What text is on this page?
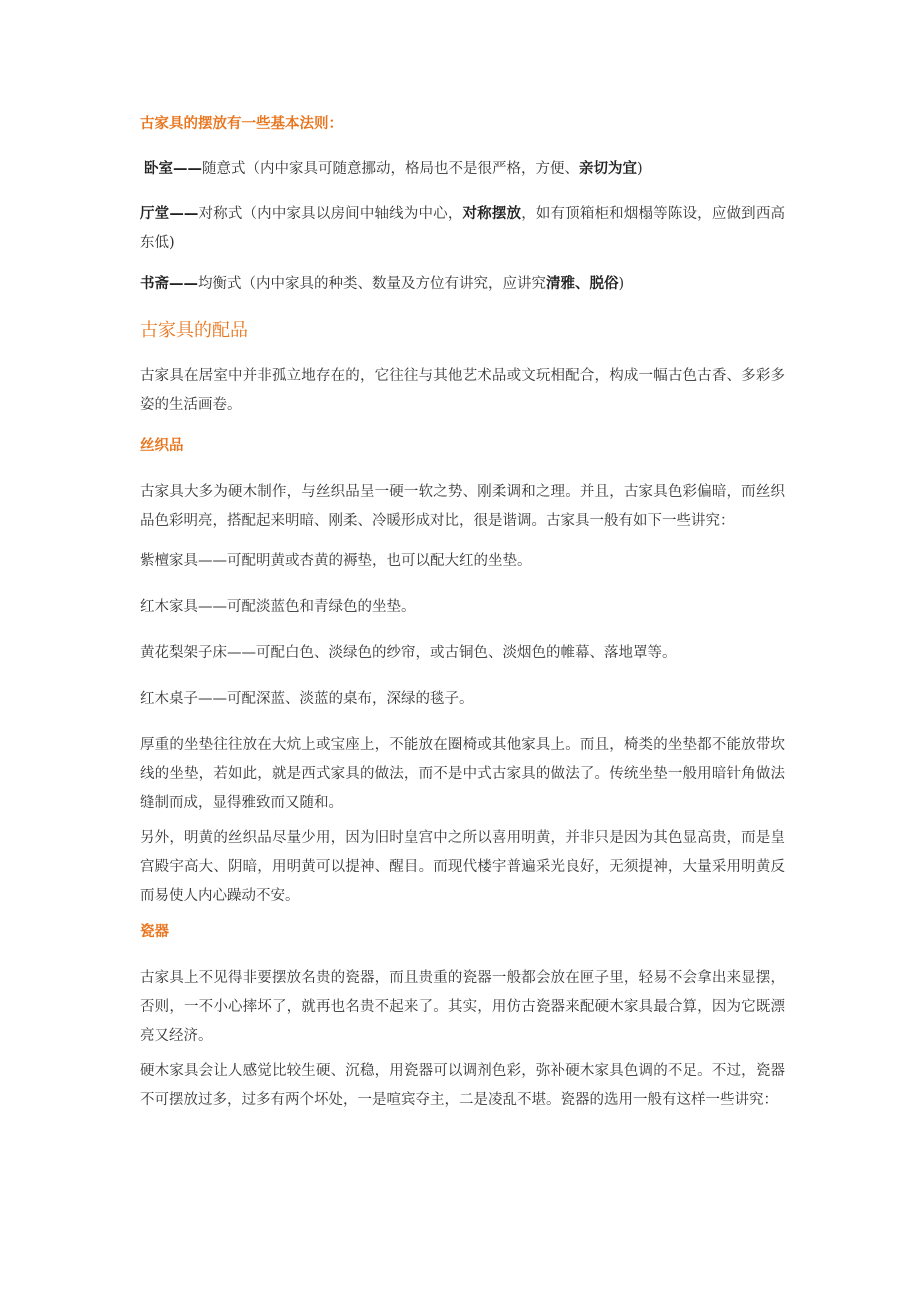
古家具的摆放有一些基本法则：

卧室——随意式（内中家具可随意挪动，格局也不是很严格，方便、亲切为宜)

厅堂——对称式（内中家具以房间中轴线为中心，对称摆放，如有顶箱柜和烟榻等陈设，应做到西高东低)

书斋——均衡式（内中家具的种类、数量及方位有讲究，应讲究清雅、脱俗)

古家具的配品

古家具在居室中并非孤立地存在的，它往往与其他艺术品或文玩相配合，构成一幅古色古香、多彩多姿的生活画卷。

丝织品

古家具大多为硬木制作，与丝织品呈一硬一软之势、刚柔调和之理。并且，古家具色彩偏暗，而丝织品色彩明亮，搭配起来明暗、刚柔、冷暖形成对比，很是谐调。古家具一般有如下一些讲究：

紫檀家具——可配明黄或杏黄的褥垫，也可以配大红的坐垫。

红木家具——可配淡蓝色和青绿色的坐垫。

黄花梨架子床——可配白色、淡绿色的纱帘，或古铜色、淡烟色的帷幕、落地罩等。

红木桌子——可配深蓝、淡蓝的桌布，深绿的毯子。

厚重的坐垫往往放在大炕上或宝座上，不能放在圈椅或其他家具上。而且，椅类的坐垫都不能放带坎线的坐垫，若如此，就是西式家具的做法，而不是中式古家具的做法了。传统坐垫一般用暗针角做法缝制而成，显得雅致而又随和。

另外，明黄的丝织品尽量少用，因为旧时皇宫中之所以喜用明黄，并非只是因为其色显高贵，而是皇宫殿宇高大、阴暗，用明黄可以提神、醒目。而现代楼宇普遍采光良好，无须提神，大量采用明黄反而易使人内心躁动不安。

瓷器

古家具上不见得非要摆放名贵的瓷器，而且贵重的瓷器一般都会放在匣子里，轻易不会拿出来显摆，否则，一不小心摔坏了，就再也名贵不起来了。其实，用仿古瓷器来配硬木家具最合算，因为它既漂亮又经济。

硬木家具会让人感觉比较生硬、沉稳，用瓷器可以调剂色彩，弥补硬木家具色调的不足。不过，瓷器不可摆放过多，过多有两个坏处，一是喧宾夺主，二是凌乱不堪。瓷器的选用一般有这样一些讲究：
